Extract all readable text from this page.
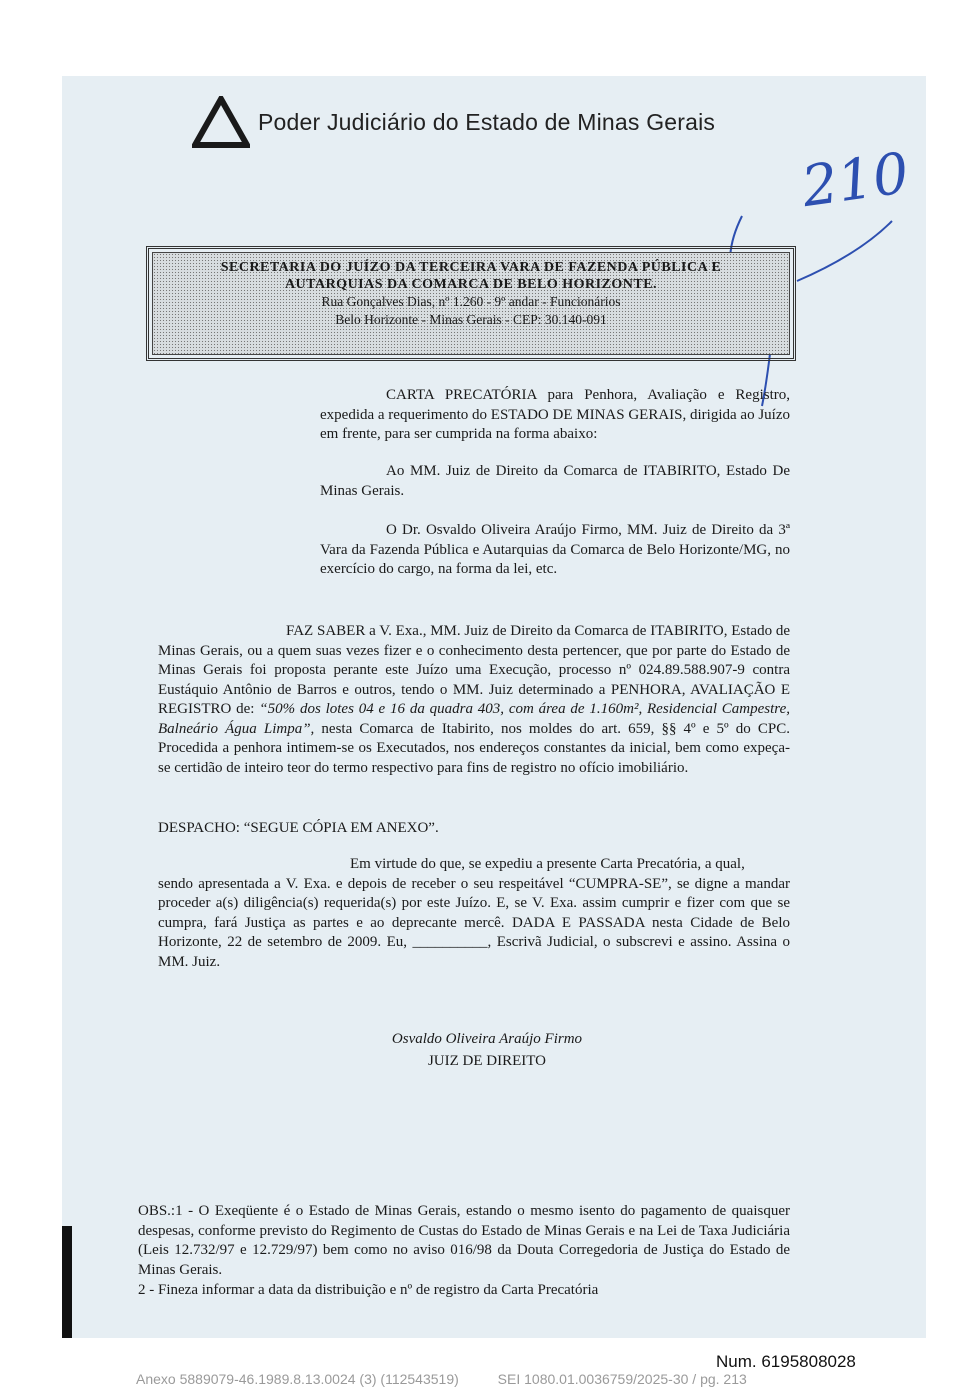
Poder Judiciário do Estado de Minas Gerais
210
SECRETARIA DO JUÍZO DA TERCEIRA VARA DE FAZENDA PÚBLICA E
AUTARQUIAS DA COMARCA DE BELO HORIZONTE.
Rua Gonçalves Dias, nº 1.260 - 9º andar - Funcionários
Belo Horizonte - Minas Gerais - CEP: 30.140-091
CARTA PRECATÓRIA para Penhora, Avaliação e Registro, expedida a requerimento do ESTADO DE MINAS GERAIS, dirigida ao Juízo em frente, para ser cumprida na forma abaixo:
Ao MM. Juiz de Direito da Comarca de ITABIRITO, Estado De Minas Gerais.
O Dr. Osvaldo Oliveira Araújo Firmo, MM. Juiz de Direito da 3ª Vara da Fazenda Pública e Autarquias da Comarca de Belo Horizonte/MG, no exercício do cargo, na forma da lei, etc.
FAZ SABER a V. Exa., MM. Juiz de Direito da Comarca de ITABIRITO, Estado de Minas Gerais, ou a quem suas vezes fizer e o conhecimento desta pertencer, que por parte do Estado de Minas Gerais foi proposta perante este Juízo uma Execução, processo nº 024.89.588.907-9 contra Eustáquio Antônio de Barros e outros, tendo o MM. Juiz determinado a PENHORA, AVALIAÇÃO E REGISTRO de: “50% dos lotes 04 e 16 da quadra 403, com área de 1.160m², Residencial Campestre, Balneário Água Limpa”, nesta Comarca de Itabirito, nos moldes do art. 659, §§ 4º e 5º do CPC. Procedida a penhora intimem-se os Executados, nos endereços constantes da inicial, bem como expeça-se certidão de inteiro teor do termo respectivo para fins de registro no ofício imobiliário.
DESPACHO: “SEGUE CÓPIA EM ANEXO”.
Em virtude do que, se expediu a presente Carta Precatória, a qual,
sendo apresentada a V. Exa. e depois de receber o seu respeitável “CUMPRA-SE”, se digne a mandar proceder a(s) diligência(s) requerida(s) por este Juízo. E, se V. Exa. assim cumprir e fizer com que se cumpra, fará Justiça as partes e ao deprecante mercê. DADA E PASSADA nesta Cidade de Belo Horizonte, 22 de setembro de 2009. Eu, __________, Escrivã Judicial, o subscrevi e assino. Assina o MM. Juiz.
Osvaldo Oliveira Araújo Firmo
JUIZ DE DIREITO
OBS.:1 - O Exeqüente é o Estado de Minas Gerais, estando o mesmo isento do pagamento de quaisquer despesas, conforme previsto do Regimento de Custas do Estado de Minas Gerais e na Lei de Taxa Judiciária (Leis 12.732/97 e 12.729/97) bem como no aviso 016/98 da Douta Corregedoria de Justiça do Estado de Minas Gerais.
2 - Fineza informar a data da distribuição e nº de registro da Carta Precatória
Num. 6195808028
Anexo 5889079-46.1989.8.13.0024 (3) (112543519)          SEI 1080.01.0036759/2025-30 / pg. 213
